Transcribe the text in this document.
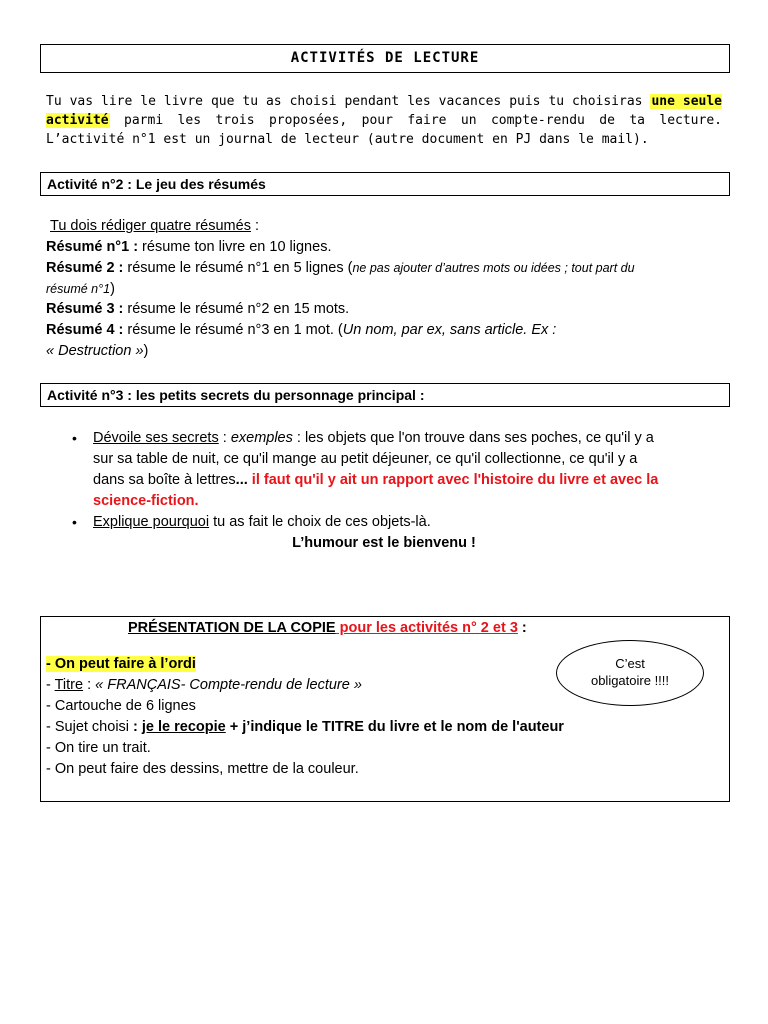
ACTIVITÉS DE LECTURE
Tu vas lire le livre que tu as choisi pendant les vacances puis tu choisiras une seule activité parmi les trois proposées, pour faire un compte-rendu de ta lecture. L’activité n°1 est un journal de lecteur (autre document en PJ dans le mail).
Activité n°2 : Le jeu des résumés
Tu dois rédiger quatre résumés :
Résumé n°1 : résume ton livre en 10 lignes.
Résumé 2 : résume le résumé n°1 en 5 lignes (ne pas ajouter d’autres mots ou idées ; tout part du
résumé n°1)
Résumé 3 : résume le résumé n°2 en 15 mots.
Résumé 4 : résume le résumé n°3 en 1 mot. (Un nom, par ex, sans article. Ex :
« Destruction »)
Activité n°3 : les petits secrets du personnage principal :
• Dévoile ses secrets : exemples : les objets que l'on trouve dans ses poches, ce qu'il y a
sur sa table de nuit, ce qu'il mange au petit déjeuner, ce qu'il collectionne, ce qu'il y a
dans sa boîte à lettres... il faut qu'il y ait un rapport avec l'histoire du livre et avec la
science-fiction.
• Explique pourquoi tu as fait le choix de ces objets-là.
L’humour est le bienvenu !
PRÉSENTATION DE LA COPIE pour les activités n° 2 et 3 :
- On peut faire à l’ordi
- Titre : « FRANÇAIS- Compte-rendu de lecture »
- Cartouche de 6 lignes
- Sujet choisi : je le recopie + j’indique le TITRE du livre et le nom de l'auteur
- On tire un trait.
- On peut faire des dessins, mettre de la couleur.
C’est
obligatoire !!!!
